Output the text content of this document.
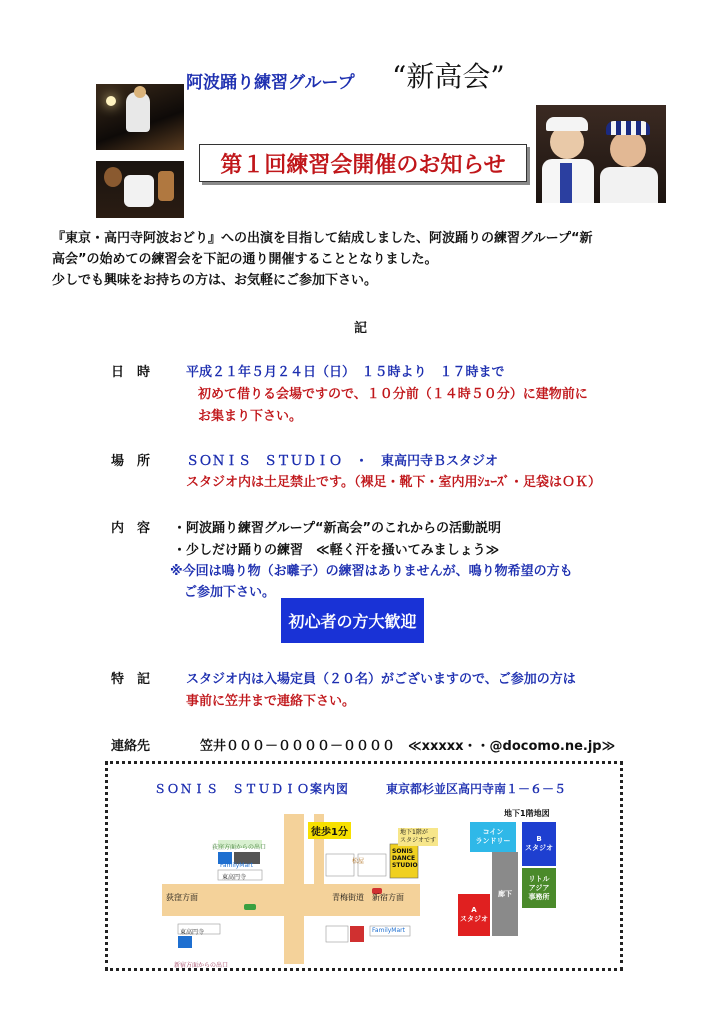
阿波踊り練習グループ “新高会”
第１回練習会開催のお知らせ
『東京・高円寺阿波おどり』への出演を目指して結成しました、阿波踊りの練習グループ“新
高会”の始めての練習会を下記の通り開催することとなりました。
少しでも興味をお持ちの方は、お気軽にご参加下さい。
記
日　時	平成２１年５月２４日（日）　１５時より　１７時まで
初めて借りる会場ですので、１０分前（１４時５０分）に建物前に
お集まり下さい。
場　所	ＳＯＮＩＳ　ＳＴＵＤＩＯ　・　東高円寺Ｂスタジオ
スタジオ内は土足禁止です。（裸足・靴下・室内用ｼｭｰｽﾞ・足袋はＯＫ）
内　容 ・阿波踊り練習グループ“新高会”のこれからの活動説明
・少しだけ踊りの練習　≪軽く汗を掻いてみましょう≫
※今回は鳴り物（お囃子）の練習はありませんが、鳴り物希望の方も
ご参加下さい。
初心者の方大歓迎
特　記	スタジオ内は入場定員（２０名）がございますので、ご参加の方は
事前に笠井まで連絡下さい。
連絡先	笠井０００－００００－００００　≪xxxxx・・@docomo.ne.jp≫
ＳＯＮＩＳ　ＳＴＵＤＩＯ案内図	東京都杉並区高円寺南１－６－５
徒歩1分	地下1階が
スタジオです
SONIS
DANCE
STUDIO
松屋
荻窪方面	青梅街道　新宿方面
荻窪方面からの出口
東高円寺
FamilyMart
東高円寺
新宿方面からの出口
FamilyMart
地下1階地図
コイン
ランドリー	B
スタジオ
廊下
リトル
アジア
事務所
A
スタジオ
